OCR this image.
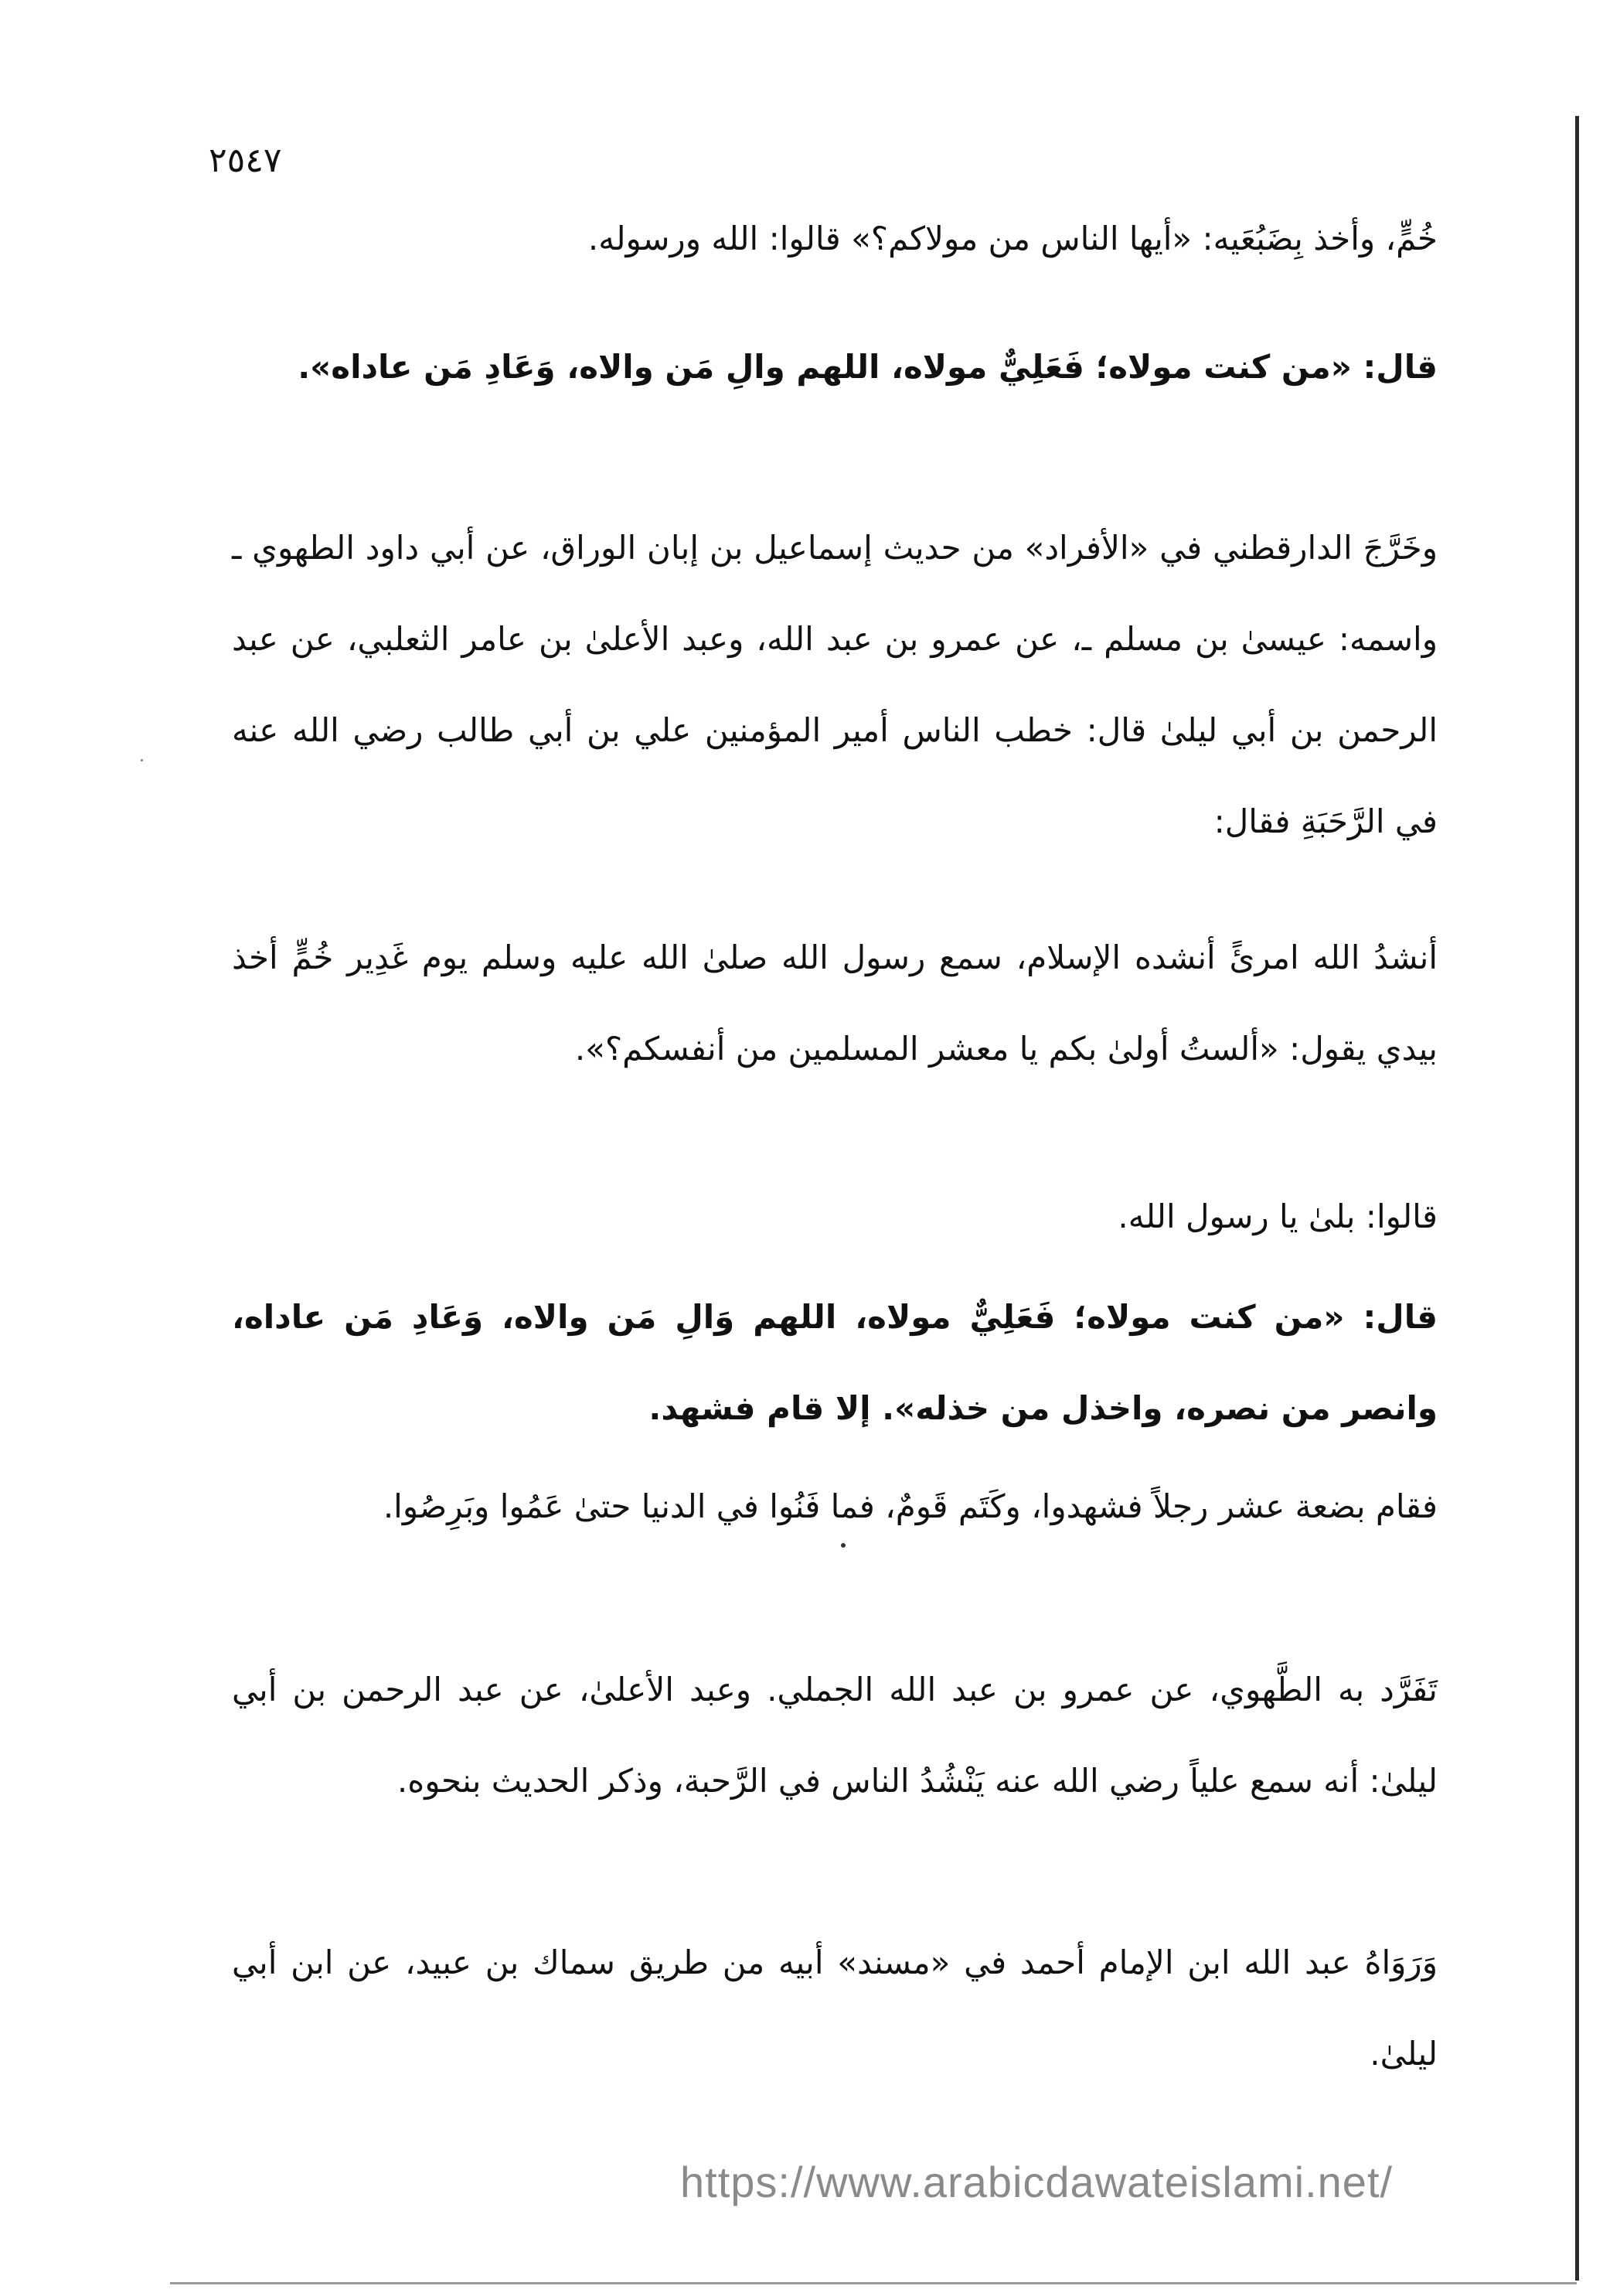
٢٥٤٧

خُمٍّ، وأخذ بِضَبُعَيه: «أيها الناس من مولاكم؟» قالوا: الله ورسوله.

قال: «من كنت مولاه؛ فَعَلِيٌّ مولاه، اللهم والِ مَن والاه، وَعَادِ مَن عاداه».

وخَرَّجَ الدارقطني في «الأفراد» من حديث إسماعيل بن إبان الوراق، عن أبي داود الطهوي ـ واسمه: عيسىٰ بن مسلم ـ، عن عمرو بن عبد الله، وعبد الأعلىٰ بن عامر الثعلبي، عن عبد الرحمن بن أبي ليلىٰ قال: خطب الناس أمير المؤمنين علي بن أبي طالب رضي الله عنه في الرَّحَبَةِ فقال:

أنشدُ الله امرئً أنشده الإسلام، سمع رسول الله صلىٰ الله عليه وسلم يوم غَدِير خُمٍّ أخذ بيدي يقول: «ألستُ أولىٰ بكم يا معشر المسلمين من أنفسكم؟».

قالوا: بلىٰ يا رسول الله.

قال: «من كنت مولاه؛ فَعَلِيٌّ مولاه، اللهم وَالِ مَن والاه، وَعَادِ مَن عاداه، وانصر من نصره، واخذل من خذله». إلا قام فشهد.

فقام بضعة عشر رجلاً فشهدوا، وكَتَم قَومٌ، فما فَنُوا في الدنيا حتىٰ عَمُوا وبَرِصُوا.

تَفَرَّد به الطَّهوي، عن عمرو بن عبد الله الجملي. وعبد الأعلىٰ، عن عبد الرحمن بن أبي ليلىٰ: أنه سمع علياً رضي الله عنه يَنْشُدُ الناس في الرَّحبة، وذكر الحديث بنحوه.

وَرَوَاهُ عبد الله ابن الإمام أحمد في «مسند» أبيه من طريق سماك بن عبيد، عن ابن أبي ليلىٰ.

https://www.arabicdawateislami.net/
